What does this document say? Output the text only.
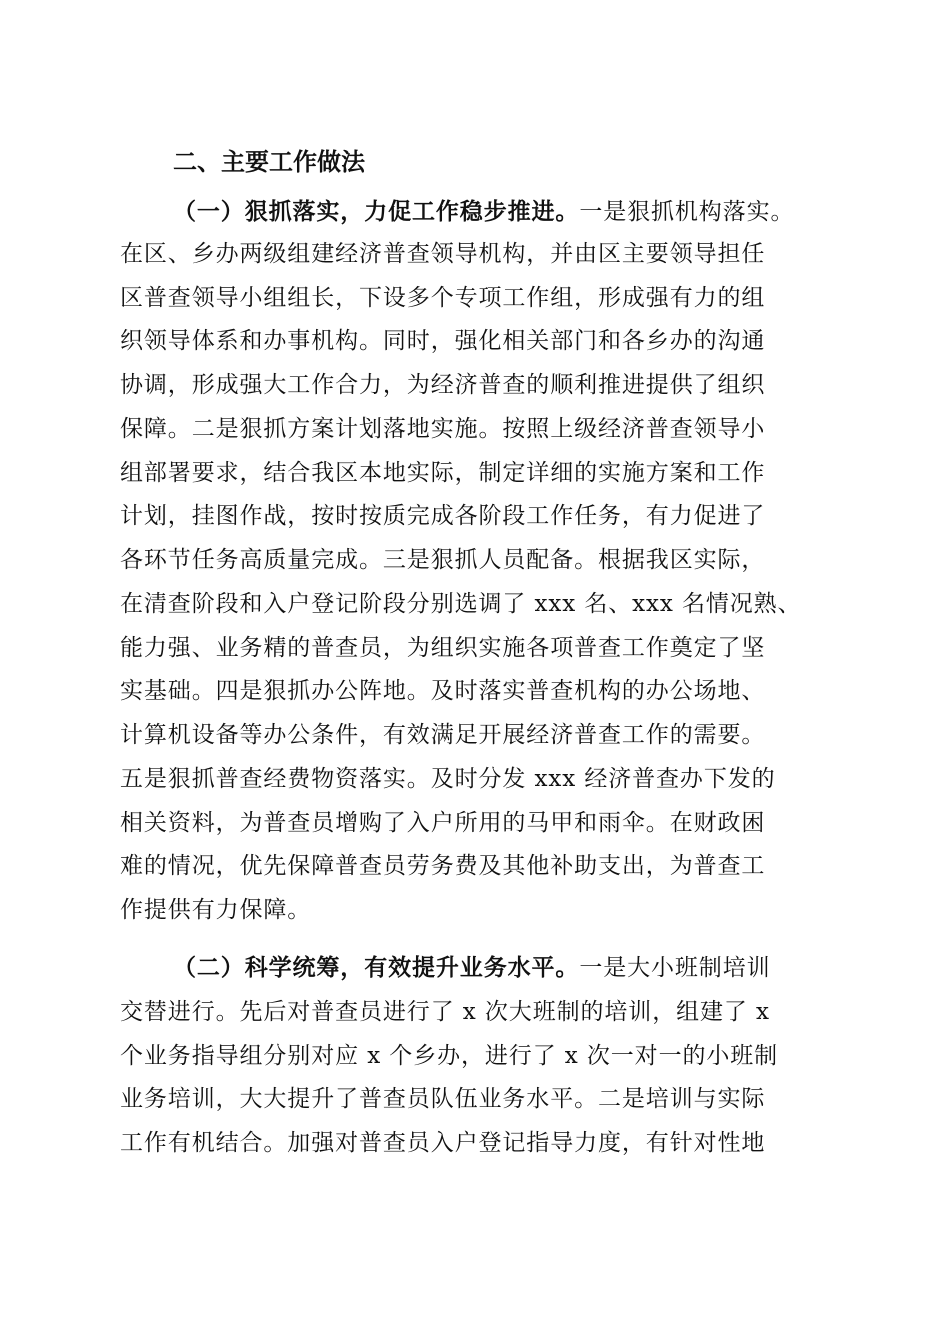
二、主要工作做法
（一）狠抓落实，力促工作稳步推进。一是狠抓机构落实。
在区、乡办两级组建经济普查领导机构，并由区主要领导担任
区普查领导小组组长，下设多个专项工作组，形成强有力的组
织领导体系和办事机构。同时，强化相关部门和各乡办的沟通
协调，形成强大工作合力，为经济普查的顺利推进提供了组织
保障。二是狠抓方案计划落地实施。按照上级经济普查领导小
组部署要求，结合我区本地实际，制定详细的实施方案和工作
计划，挂图作战，按时按质完成各阶段工作任务，有力促进了
各环节任务高质量完成。三是狠抓人员配备。根据我区实际，
在清查阶段和入户登记阶段分别选调了 xxx 名、xxx 名情况熟、
能力强、业务精的普查员，为组织实施各项普查工作奠定了坚
实基础。四是狠抓办公阵地。及时落实普查机构的办公场地、
计算机设备等办公条件，有效满足开展经济普查工作的需要。
五是狠抓普查经费物资落实。及时分发 xxx 经济普查办下发的
相关资料，为普查员增购了入户所用的马甲和雨伞。在财政困
难的情况，优先保障普查员劳务费及其他补助支出，为普查工
作提供有力保障。
（二）科学统筹，有效提升业务水平。一是大小班制培训
交替进行。先后对普查员进行了 x 次大班制的培训，组建了 x
个业务指导组分别对应 x 个乡办，进行了 x 次一对一的小班制
业务培训，大大提升了普查员队伍业务水平。二是培训与实际
工作有机结合。加强对普查员入户登记指导力度，有针对性地
